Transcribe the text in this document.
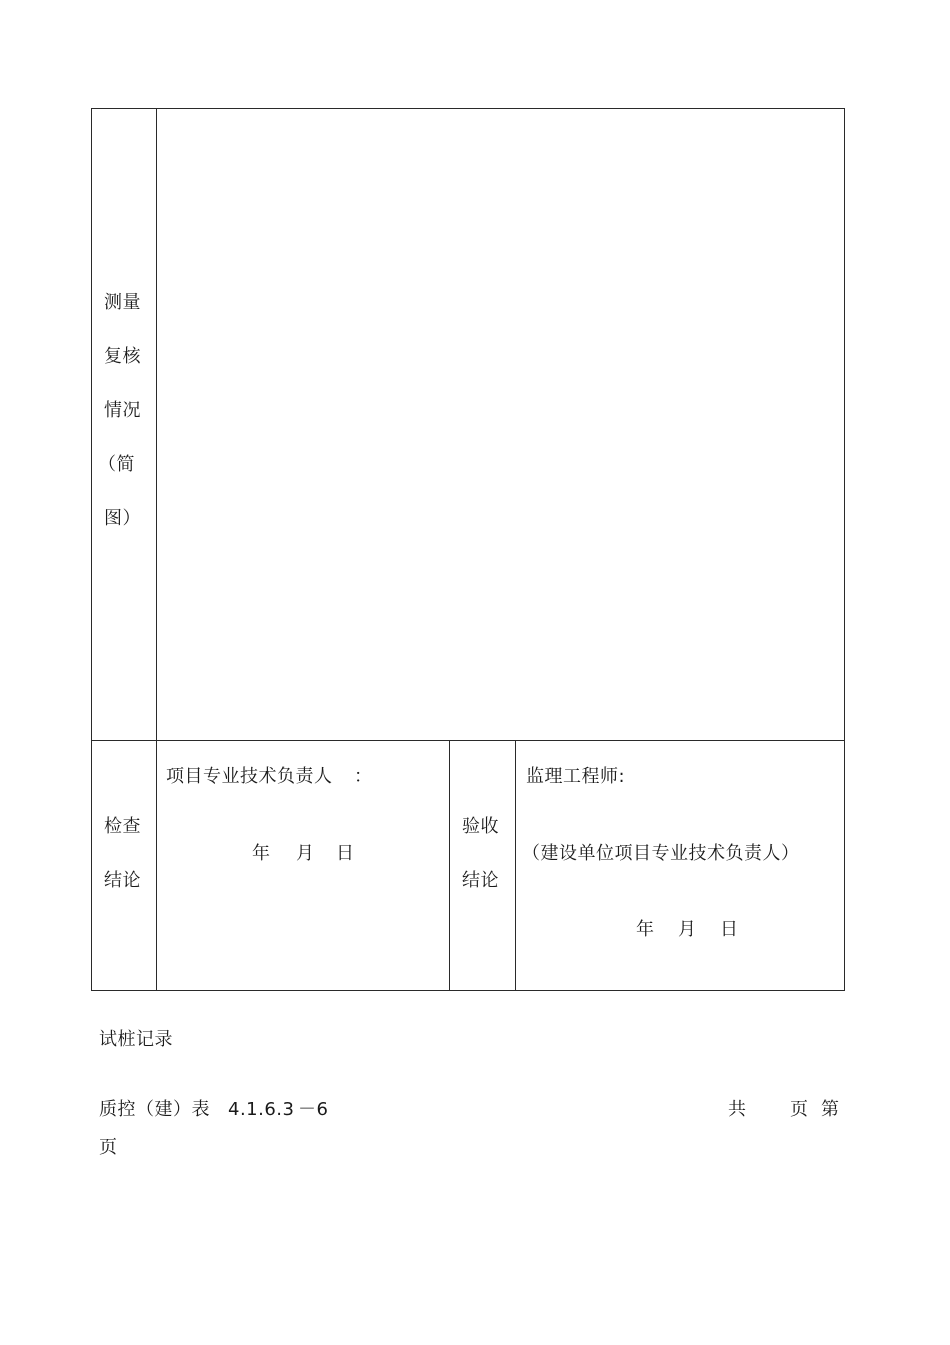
测量
复核
情况
（简
图）
检查
结论
项目专业技术负责人 ：
年 月 日
验收
结论
监理工程师:
（建设单位项目专业技术负责人）
年 月 日
试桩记录
质控（建）表 4.1.6.3 －6	共 页 第
页
